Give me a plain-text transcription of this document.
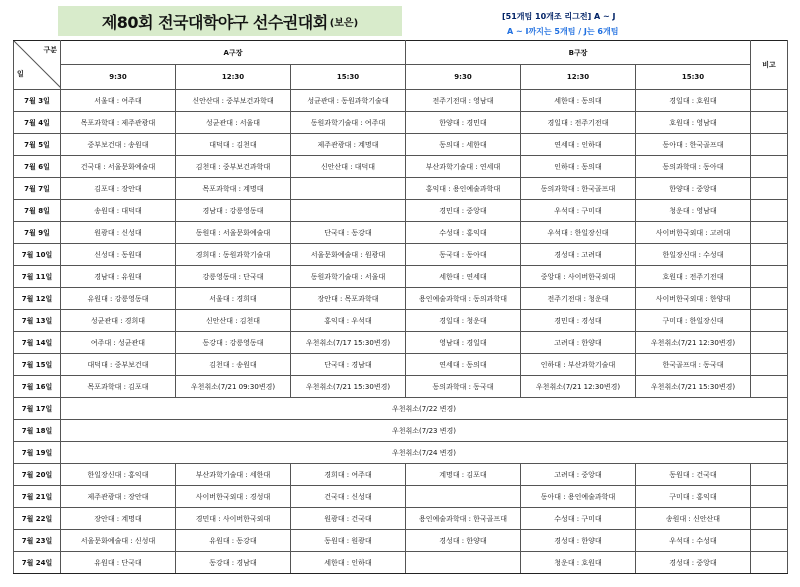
제80회 전국대학야구 선수권대회 (보은)
[51개팀 10개조 리그전] A ~ J
A ~ I까지는 5개팀 / J는 6개팀
구분
일	A구장			B구장			비고
	9:30	12:30	15:30	9:30	12:30	15:30	
7월 3일	서울대 : 여주대	신안산대 : 중부보건과학대	성균관대 : 동원과학기술대	전주기전대 : 영남대	세한대 : 동의대	경일대 : 호원대	
7월 4일	목포과학대 : 제주관광대	성균관대 : 서울대	동원과학기술대 : 여주대	한양대 : 경민대	경일대 : 전주기전대	호원대 : 영남대	
7월 5일	중부보건대 : 송원대	대덕대 : 김천대	제주관광대 : 계명대	동의대 : 세한대	연세대 : 인하대	동아대 : 한국골프대	
7월 6일	건국대 : 서울문화예술대	김천대 : 중부보건과학대	신안산대 : 대덕대	부산과학기술대 : 연세대	인하대 : 동의대	동의과학대 : 동아대	
7월 7일	김포대 : 장안대	목포과학대 : 계명대		홍익대 : 용인예술과학대	동의과학대 : 한국골프대	한양대 : 중앙대	
7월 8일	송원대 : 대덕대	경남대 : 강릉영동대		경민대 : 중앙대	우석대 : 구미대	청운대 : 영남대	
7월 9일	원광대 : 신성대	동원대 : 서울문화예술대	단국대 : 동강대	수성대 : 홍익대	우석대 : 한일장신대	사이버한국외대 : 고려대	
7월 10일	신성대 : 동원대	경희대 : 동원과학기술대	서울문화예술대 : 원광대	동국대 : 동아대	경성대 : 고려대	한일장신대 : 수성대	
7월 11일	경남대 : 유원대	강릉영동대 : 단국대	동원과학기술대 : 서울대	세한대 : 연세대	중앙대 : 사이버한국외대	호원대 : 전주기전대	
7월 12일	유원대 : 강릉영동대	서울대 : 경희대	장안대 : 목포과학대	용인예술과학대 : 동의과학대	전주기전대 : 청운대	사이버한국외대 : 한양대	
7월 13일	성균관대 : 경희대	신안산대 : 김천대	홍익대 : 우석대	경일대 : 청운대	경민대 : 경성대	구미대 : 한일장신대	
7월 14일	여주대 : 성균관대	동강대 : 강릉영동대	우천취소(7/17 15:30변경)	영남대 : 경일대	고려대 : 한양대	우천취소(7/21 12:30변경)	
7월 15일	대덕대 : 중부보건대	김천대 : 송원대	단국대 : 경남대	연세대 : 동의대	인하대 : 부산과학기술대	한국골프대 : 동국대	
7월 16일	목포과학대 : 김포대	우천취소(7/21 09:30변경)	우천취소(7/21 15:30변경)	동의과학대 : 동국대	우천취소(7/21 12:30변경)	우천취소(7/21 15:30변경)	
7월 17일	우천취소(7/22 변경)						
7월 18일	우천취소(7/23 변경)						
7월 19일	우천취소(7/24 변경)						
7월 20일	한일장신대 : 홍익대	부산과학기술대 : 세한대	경희대 : 여주대	계명대 : 김포대	고려대 : 중앙대	동원대 : 건국대	
7월 21일	제주관광대 : 장안대	사이버한국외대 : 경성대	건국대 : 신성대		동아대 : 용인예술과학대	구미대 : 홍익대	
7월 22일	장안대 : 계명대	경민대 : 사이버한국외대	원광대 : 건국대	용인예술과학대 : 한국골프대	수성대 : 구미대	송원대 : 신안산대	
7월 23일	서울문화예술대 : 신성대	유원대 : 동강대	동원대 : 원광대	경성대 : 한양대	경성대 : 한양대	우석대 : 수성대	
7월 24일	유원대 : 단국대	동강대 : 경남대	세한대 : 인하대		청운대 : 호원대	경성대 : 중앙대	
